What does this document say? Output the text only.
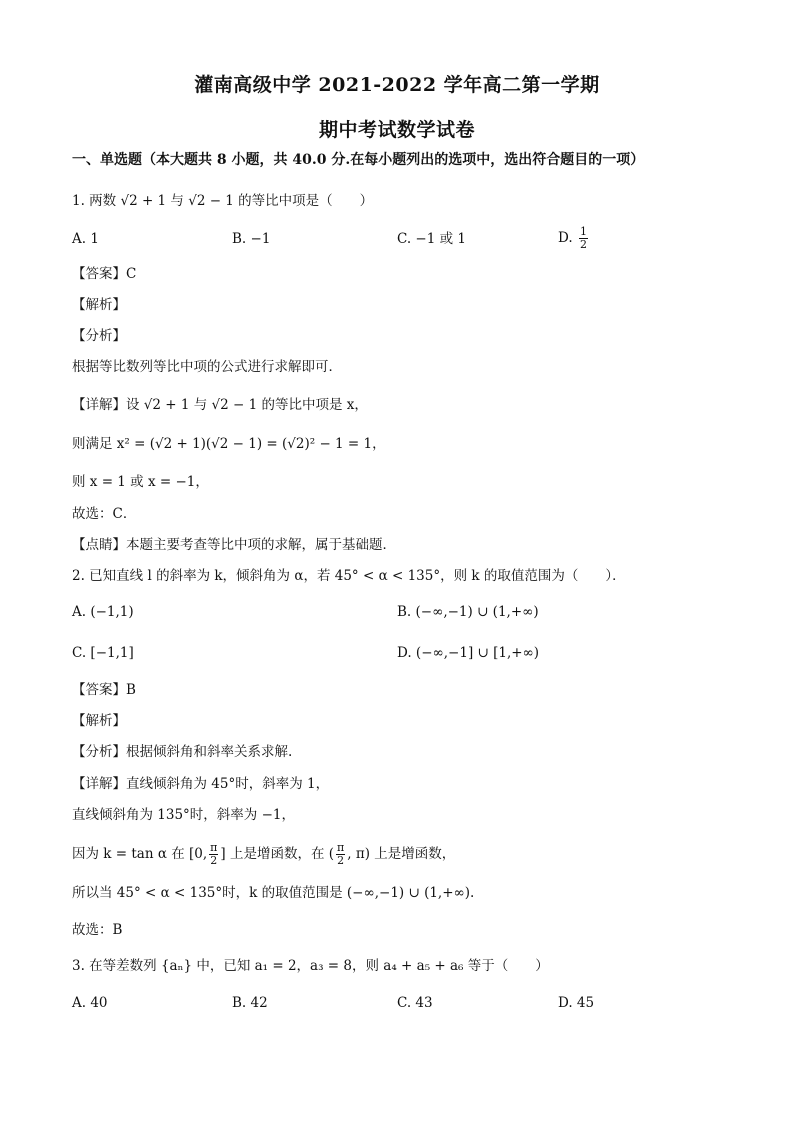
灌南高级中学 2021-2022 学年高二第一学期
期中考试数学试卷
一、单选题（本大题共 8 小题，共 40.0 分.在每小题列出的选项中，选出符合题目的一项）
1. 两数 √2 + 1 与 √2 − 1 的等比中项是（　　）
A. 1	B. −1	C. −1 或 1	D. $\frac{1}{2}$
【答案】C
【解析】
【分析】
根据等比数列等比中项的公式进行求解即可．
【详解】设 √2 + 1 与 √2 − 1 的等比中项是 x，
则满足 x² = (√2 + 1)(√2 − 1) = (√2)² − 1 = 1，
则 x = 1 或 x = −1，
故选：C．
【点睛】本题主要考查等比中项的求解，属于基础题．
2. 已知直线 l 的斜率为 k，倾斜角为 α，若 45° < α < 135°，则 k 的取值范围为（　　）．
A. (−1,1)	B. (−∞,−1) ∪ (1,+∞)
C. [−1,1]	D. (−∞,−1] ∪ [1,+∞)
【答案】B
【解析】
【分析】根据倾斜角和斜率关系求解.
【详解】直线倾斜角为 45°时，斜率为 1，
直线倾斜角为 135°时，斜率为 −1，
因为 k = tan α 在 [0, $\frac{\pi}{2}$ ] 上是增函数，在 ( $\frac{\pi}{2}$ , π) 上是增函数，
所以当 45° < α < 135°时，k 的取值范围是 (−∞,−1) ∪ (1,+∞).
故选：B
3. 在等差数列 {aₙ} 中，已知 a₁ = 2，a₃ = 8，则 a₄ + a₅ + a₆ 等于（　　）
A. 40	B. 42	C. 43	D. 45
